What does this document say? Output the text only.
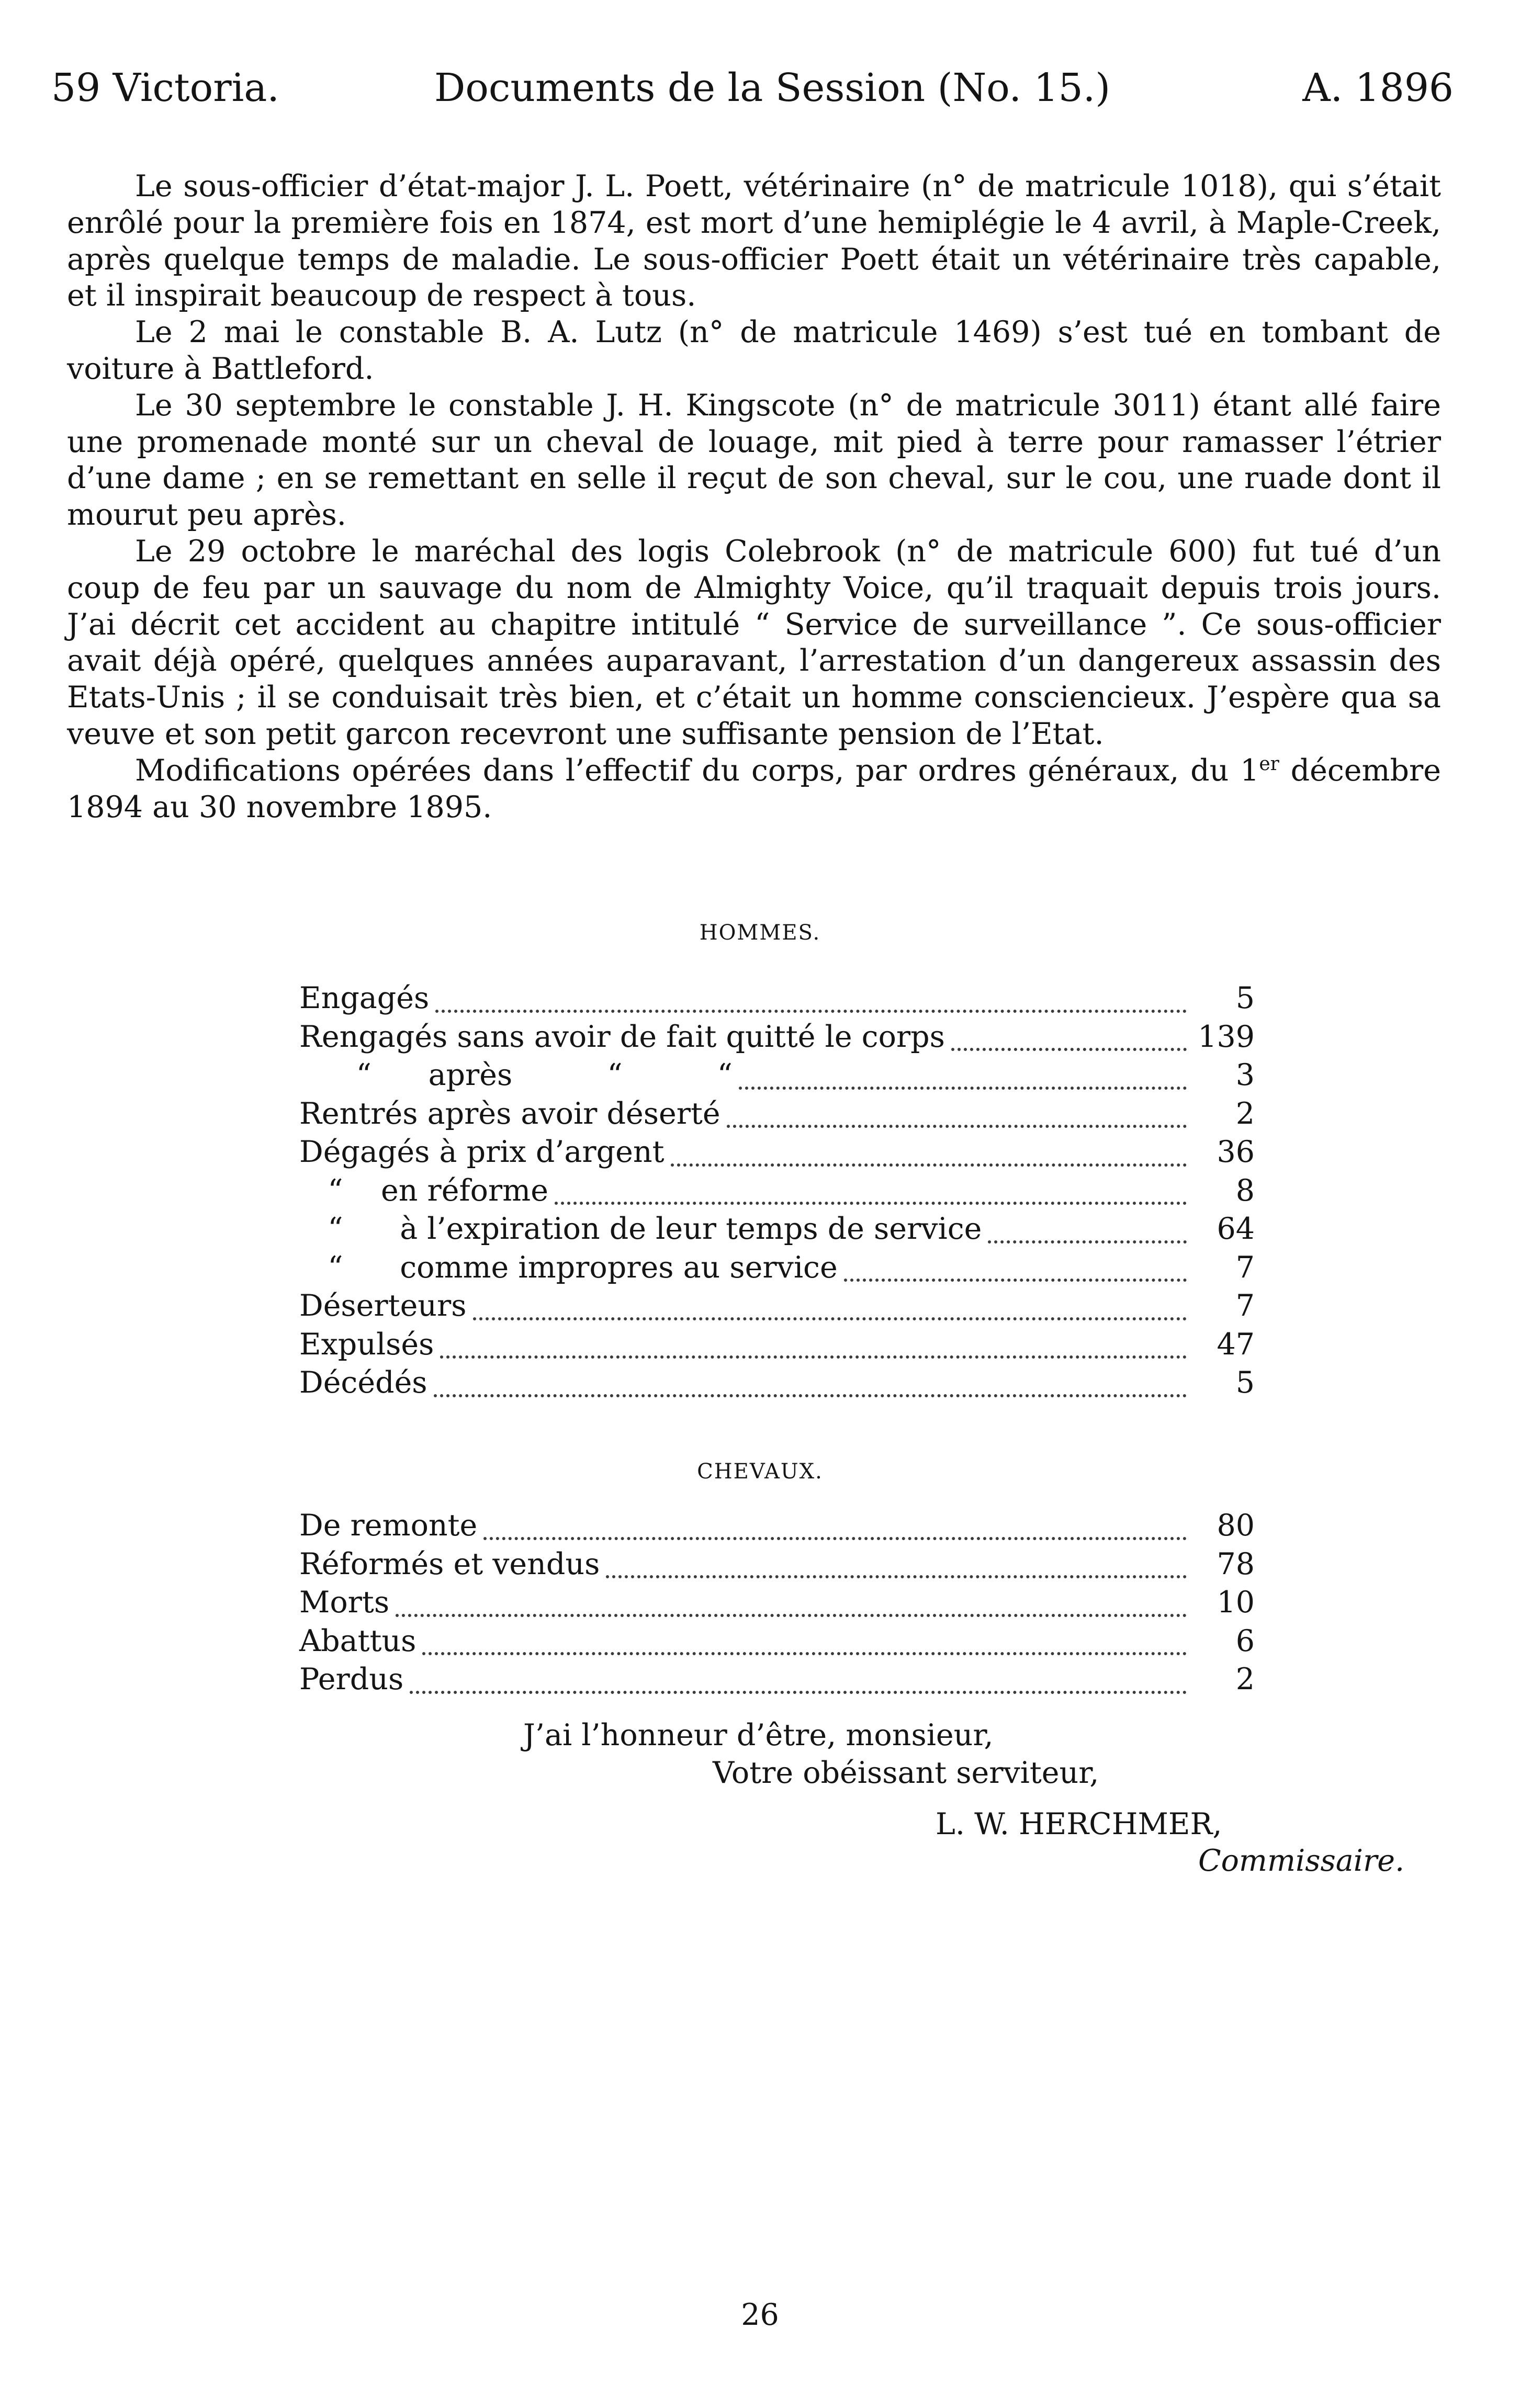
59 Victoria.	Documents de la Session (No. 15.)	A. 1896

Le sous-officier d’état-major J. L. Poett, vétérinaire (n° de matricule 1018), qui s’était enrôlé pour la première fois en 1874, est mort d’une hemiplégie le 4 avril, à Maple-Creek, après quelque temps de maladie. Le sous-officier Poett était un vétérinaire très capable, et il inspirait beaucoup de respect à tous.

Le 2 mai le constable B. A. Lutz (n° de matricule 1469) s’est tué en tombant de voiture à Battleford.

Le 30 septembre le constable J. H. Kingscote (n° de matricule 3011) étant allé faire une promenade monté sur un cheval de louage, mit pied à terre pour ramasser l’étrier d’une dame ; en se remettant en selle il reçut de son cheval, sur le cou, une ruade dont il mourut peu après.

Le 29 octobre le maréchal des logis Colebrook (n° de matricule 600) fut tué d’un coup de feu par un sauvage du nom de Almighty Voice, qu’il traquait depuis trois jours. J’ai décrit cet accident au chapitre intitulé “ Service de surveillance ”. Ce sous-officier avait déjà opéré, quelques années auparavant, l’arrestation d’un dangereux assassin des Etats-Unis ; il se conduisait très bien, et c’était un homme consciencieux. J’espère qua sa veuve et son petit garcon recevront une suffisante pension de l’Etat.

Modifications opérées dans l’effectif du corps, par ordres généraux, du 1er décembre 1894 au 30 novembre 1895.

HOMMES.
Engagés	5
Rengagés sans avoir de fait quitté le corps	139
“      après          “          “	3
Rentrés après avoir déserté	2
Dégagés à prix d’argent	36
“    en réforme	8
“      à l’expiration de leur temps de service	64
“      comme impropres au service	7
Déserteurs	7
Expulsés	47
Décédés	5
CHEVAUX.
De remonte	80
Réformés et vendus	78
Morts	10
Abattus	6
Perdus	2
J’ai l’honneur d’être, monsieur,
Votre obéissant serviteur,
L. W. HERCHMER,
Commissaire.
26
